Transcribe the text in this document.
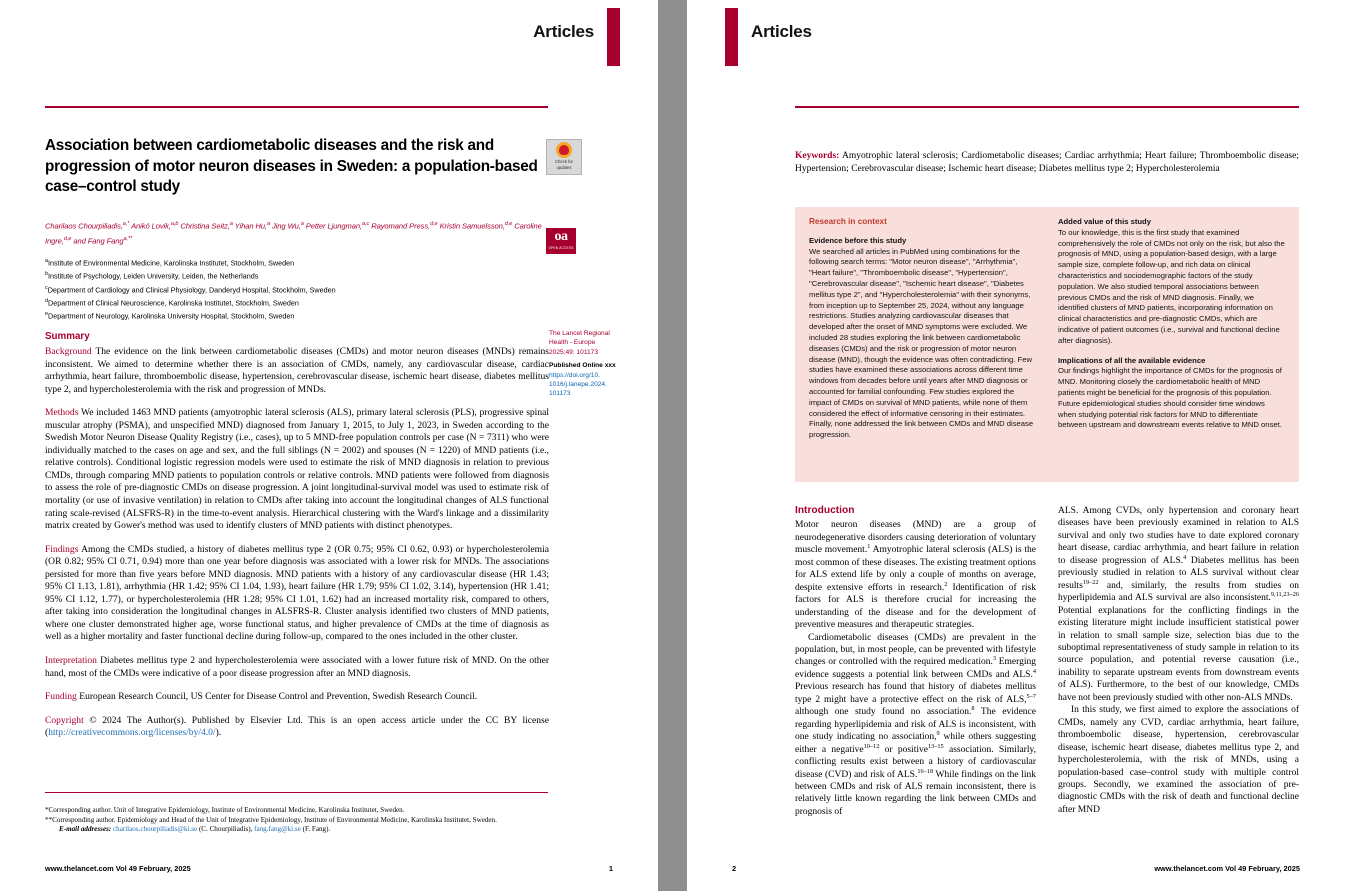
Articles
Association between cardiometabolic diseases and the risk and progression of motor neuron diseases in Sweden: a population-based case–control study
Charilaos Chourpiliadis,$^{a,*}$ Anikó Lovik,$^{a,b}$ Christina Seitz,$^a$ Yihan Hu,$^a$ Jing Wu,$^a$ Petter Ljungman,$^{a,c}$ Rayomand Press,$^{d,e}$ Kristin Samuelsson,$^{d,e}$ Caroline Ingre,$^{d,e}$ and Fang Fang$^{a,**}$
$^a$Institute of Environmental Medicine, Karolinska Institutet, Stockholm, Sweden
$^b$Institute of Psychology, Leiden University, Leiden, the Netherlands
$^c$Department of Cardiology and Clinical Physiology, Danderyd Hospital, Stockholm, Sweden
$^d$Department of Clinical Neuroscience, Karolinska Institutet, Stockholm, Sweden
$^e$Department of Neurology, Karolinska University Hospital, Stockholm, Sweden
Check for
updates
oa
OPEN ACCESS
The Lancet Regional
Health - Europe
2025;49: 101173
Published Online xxx
https://doi.org/10.
1016/j.lanepe.2024.
101173
Summary

Background The evidence on the link between cardiometabolic diseases (CMDs) and motor neuron diseases (MNDs) remains inconsistent. We aimed to determine whether there is an association of CMDs, namely, any cardiovascular disease, cardiac arrhythmia, heart failure, thromboembolic disease, hypertension, cerebrovascular disease, ischemic heart disease, diabetes mellitus type 2, and hypercholesterolemia with the risk and progression of MNDs.

Methods We included 1463 MND patients (amyotrophic lateral sclerosis (ALS), primary lateral sclerosis (PLS), progressive spinal muscular atrophy (PSMA), and unspecified MND) diagnosed from January 1, 2015, to July 1, 2023, in Sweden according to the Swedish Motor Neuron Disease Quality Registry (i.e., cases), up to 5 MND-free population controls per case (N = 7311) who were individually matched to the cases on age and sex, and the full siblings (N = 2002) and spouses (N = 1220) of MND patients (i.e., relative controls). Conditional logistic regression models were used to estimate the risk of MND diagnosis in relation to previous CMDs, through comparing MND patients to population controls or relative controls. MND patients were followed from diagnosis to assess the role of pre-diagnostic CMDs on disease progression. A joint longitudinal-survival model was used to estimate risk of mortality (or use of invasive ventilation) in relation to CMDs after taking into account the longitudinal changes of ALS functional rating scale-revised (ALSFRS-R) in the time-to-event analysis. Hierarchical clustering with the Ward's linkage and a dissimilarity matrix created by Gower's method was used to identify clusters of MND patients with distinct phenotypes.

Findings Among the CMDs studied, a history of diabetes mellitus type 2 (OR 0.75; 95% CI 0.62, 0.93) or hypercholesterolemia (OR 0.82; 95% CI 0.71, 0.94) more than one year before diagnosis was associated with a lower risk for MNDs. The associations persisted for more than five years before MND diagnosis. MND patients with a history of any cardiovascular disease (HR 1.43; 95% CI 1.13, 1.81), arrhythmia (HR 1.42; 95% CI 1.04, 1.93), heart failure (HR 1.79; 95% CI 1.02, 3.14), hypertension (HR 1.41; 95% CI 1.12, 1.77), or hypercholesterolemia (HR 1.28; 95% CI 1.01, 1.62) had an increased mortality risk, compared to others, after taking into consideration the longitudinal changes in ALSFRS-R. Cluster analysis identified two clusters of MND patients, where one cluster demonstrated higher age, worse functional status, and higher prevalence of CMDs at the time of diagnosis as well as a higher mortality and faster functional decline during follow-up, compared to the ones included in the other cluster.

Interpretation Diabetes mellitus type 2 and hypercholesterolemia were associated with a lower future risk of MND. On the other hand, most of the CMDs were indicative of a poor disease progression after an MND diagnosis.

Funding European Research Council, US Center for Disease Control and Prevention, Swedish Research Council.

Copyright © 2024 The Author(s). Published by Elsevier Ltd. This is an open access article under the CC BY license (http://creativecommons.org/licenses/by/4.0/).

*Corresponding author. Unit of Integrative Epidemiology, Institute of Environmental Medicine, Karolinska Institutet, Sweden.

**Corresponding author. Epidemiology and Head of the Unit of Integrative Epidemiology, Institute of Environmental Medicine, Karolinska Institutet, Sweden.

E-mail addresses: charilaos.chourpiliadis@ki.se (C. Chourpiliadis), fang.fang@ki.se (F. Fang).

www.thelancet.com Vol 49 February, 2025	1
Articles
Keywords: Amyotrophic lateral sclerosis; Cardiometabolic diseases; Cardiac arrhythmia; Heart failure; Thromboembolic disease; Hypertension; Cerebrovascular disease; Ischemic heart disease; Diabetes mellitus type 2; Hypercholesterolemia
Research in context
Evidence before this study
We searched all articles in PubMed using combinations for the following search terms: "Motor neuron disease", "Arrhythmia", "Heart failure", "Thromboembolic disease", "Hypertension", "Cerebrovascular disease", "Ischemic heart disease", "Diabetes mellitus type 2", and "Hypercholesterolemia" with their synonyms, from inception up to September 25, 2024, without any language restrictions. Studies analyzing cardiovascular diseases that developed after the onset of MND symptoms were excluded. We included 28 studies exploring the link between cardiometabolic diseases (CMDs) and the risk or progression of motor neuron disease (MND), though the evidence was often contradicting. Few studies have examined these associations across different time windows from decades before until years after MND diagnosis or accounted for familial confounding. Few studies explored the impact of CMDs on survival of MND patients, while none of them considered the effect of informative censoring in their estimates. Finally, none addressed the link between CMDs and MND disease progression.
Added value of this study
To our knowledge, this is the first study that examined comprehensively the role of CMDs not only on the risk, but also the prognosis of MND, using a population-based design, with a large sample size, complete follow-up, and rich data on clinical characteristics and sociodemographic factors of the study population. We also studied temporal associations between previous CMDs and the risk of MND diagnosis. Finally, we identified clusters of MND patients, incorporating information on clinical characteristics and pre-diagnostic CMDs, which are indicative of patient outcomes (i.e., survival and functional decline after diagnosis).
Implications of all the available evidence
Our findings highlight the importance of CMDs for the prognosis of MND. Monitoring closely the cardiometabolic health of MND patients might be beneficial for the prognosis of this population. Future epidemiological studies should consider time windows when studying potential risk factors for MND to differentiate between upstream and downstream events relative to MND onset.
Introduction

Motor neuron diseases (MND) are a group of neurodegenerative disorders causing deterioration of voluntary muscle movement.$^1$ Amyotrophic lateral sclerosis (ALS) is the most common of these diseases. The existing treatment options for ALS extend life by only a couple of months on average, despite extensive efforts in research.$^2$ Identification of risk factors for ALS is therefore crucial for increasing the understanding of the disease and for the development of preventive measures and therapeutic strategies.

Cardiometabolic diseases (CMDs) are prevalent in the population, but, in most people, can be prevented with lifestyle changes or controlled with the required medication.$^3$ Emerging evidence suggests a potential link between CMDs and ALS.$^4$ Previous research has found that history of diabetes mellitus type 2 might have a protective effect on the risk of ALS,$^{5-7}$ although one study found no association.$^8$ The evidence regarding hyperlipidemia and risk of ALS is inconsistent, with one study indicating no association,$^9$ while others suggesting either a negative$^{10-12}$ or positive$^{13-15}$ association. Similarly, conflicting results exist between a history of cardiovascular disease (CVD) and risk of ALS.$^{16-18}$ While findings on the link between CMDs and risk of ALS remain inconsistent, there is relatively little known regarding the link between CMDs and prognosis of

ALS. Among CVDs, only hypertension and coronary heart diseases have been previously examined in relation to ALS survival and only two studies have to date explored coronary heart disease, cardiac arrhythmia, and heart failure in relation to disease progression of ALS.$^4$ Diabetes mellitus has been previously studied in relation to ALS survival without clear results$^{19-22}$ and, similarly, the results from studies on hyperlipidemia and ALS survival are also inconsistent.$^{9,11,23-26}$ Potential explanations for the conflicting findings in the existing literature might include insufficient statistical power in relation to small sample size, selection bias due to the suboptimal representativeness of study sample in relation to its source population, and potential reverse causation (i.e., inability to separate upstream events from downstream events of ALS). Furthermore, to the best of our knowledge, CMDs have not been previously studied with other non-ALS MNDs.

In this study, we first aimed to explore the associations of CMDs, namely any CVD, cardiac arrhythmia, heart failure, thromboembolic disease, hypertension, cerebrovascular disease, ischemic heart disease, diabetes mellitus type 2, and hypercholesterolemia, with the risk of MNDs, using a population-based case–control study with multiple control groups. Secondly, we examined the association of pre-diagnostic CMDs with the risk of death and functional decline after MND

www.thelancet.com Vol 49 February, 2025
2
